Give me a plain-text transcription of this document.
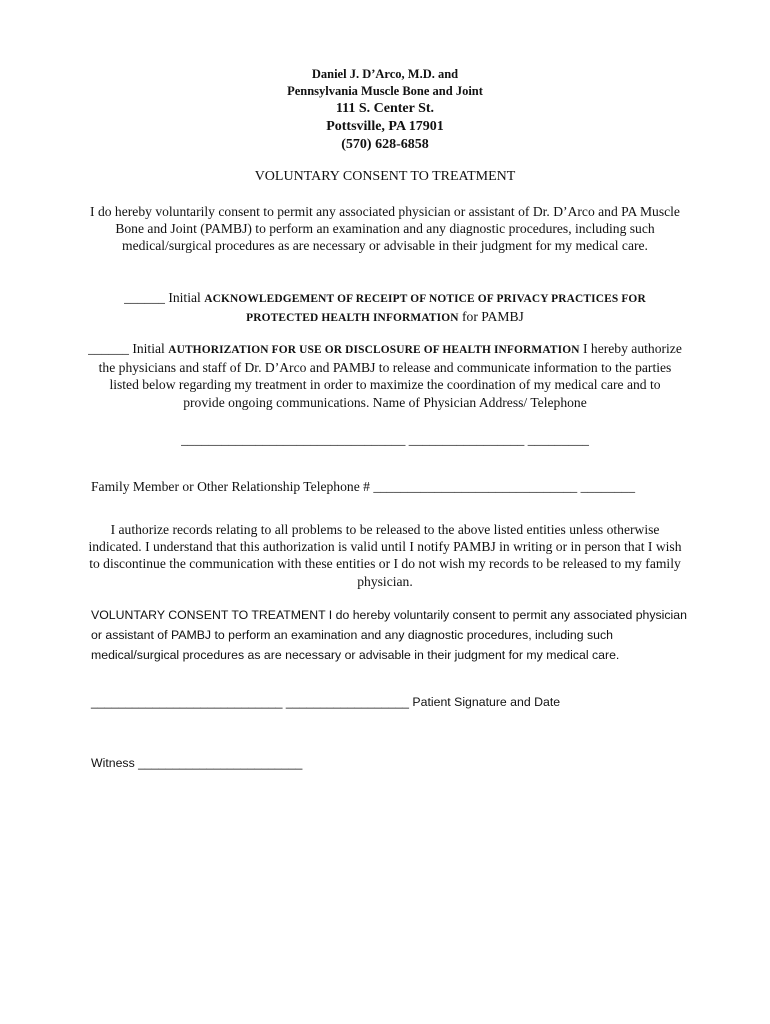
Daniel J. D’Arco, M.D. and
Pennsylvania Muscle Bone and Joint
111 S. Center St.
Pottsville, PA 17901
(570) 628-6858
VOLUNTARY CONSENT TO TREATMENT
I do hereby voluntarily consent to permit any associated physician or assistant of Dr. D’Arco and PA Muscle Bone and Joint (PAMBJ) to perform an examination and any diagnostic procedures, including such medical/surgical procedures as are necessary or advisable in their judgment for my medical care.
______ Initial ACKNOWLEDGEMENT OF RECEIPT OF NOTICE OF PRIVACY PRACTICES FOR PROTECTED HEALTH INFORMATION for PAMBJ
______ Initial AUTHORIZATION FOR USE OR DISCLOSURE OF HEALTH INFORMATION I hereby authorize the physicians and staff of Dr. D’Arco and PAMBJ to release and communicate information to the parties listed below regarding my treatment in order to maximize the coordination of my medical care and to provide ongoing communications. Name of Physician Address/ Telephone
_________________________________ _________________ _________
Family Member or Other Relationship Telephone # ______________________________ ________
I authorize records relating to all problems to be released to the above listed entities unless otherwise indicated. I understand that this authorization is valid until I notify PAMBJ in writing or in person that I wish to discontinue the communication with these entities or I do not wish my records to be released to my family physician.
VOLUNTARY CONSENT TO TREATMENT I do hereby voluntarily consent to permit any associated physician or assistant of PAMBJ to perform an examination and any diagnostic procedures, including such medical/surgical procedures as are necessary or advisable in their judgment for my medical care.
____________________________ __________________ Patient Signature and Date
Witness ________________________
